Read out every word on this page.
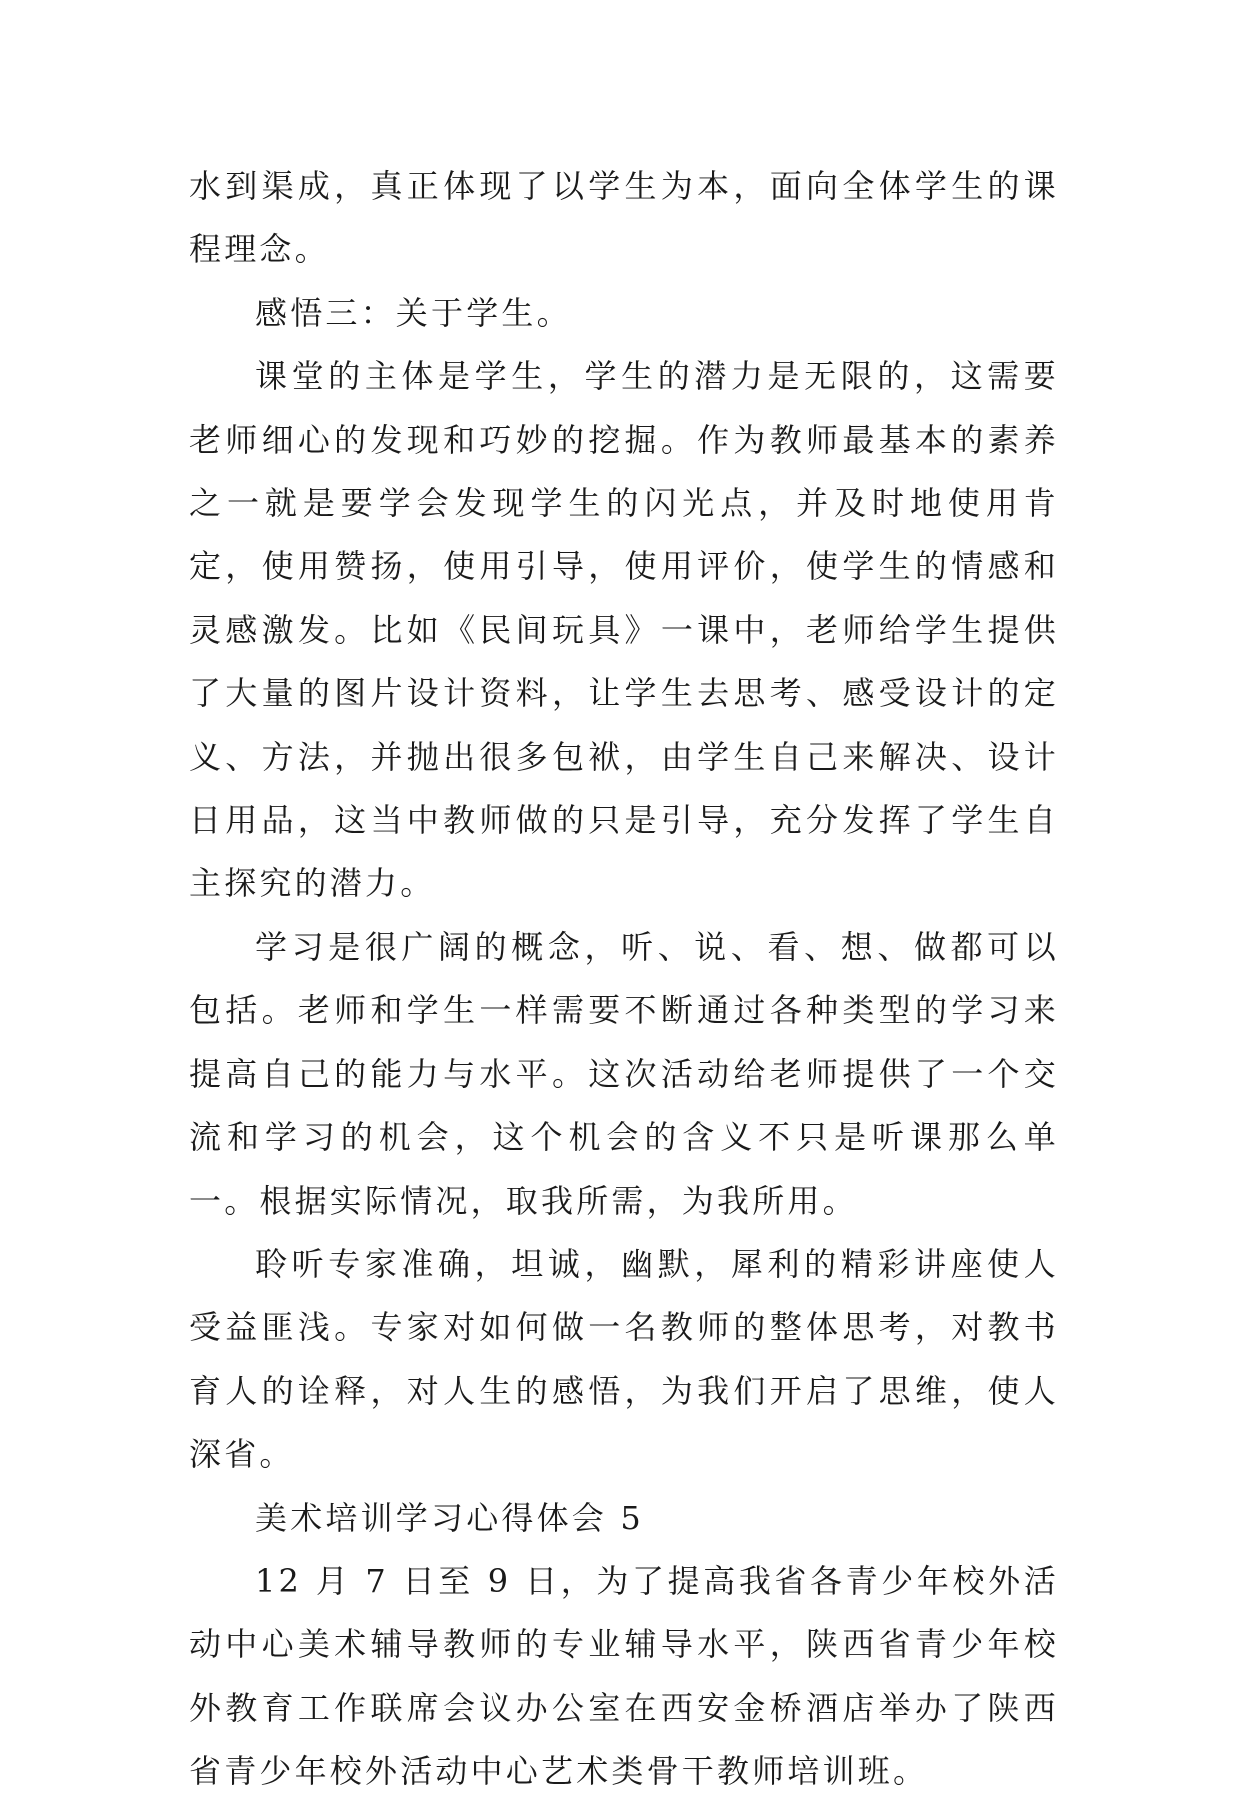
水到渠成，真正体现了以学生为本，面向全体学生的课程理念。

感悟三：关于学生。

课堂的主体是学生，学生的潜力是无限的，这需要老师细心的发现和巧妙的挖掘。作为教师最基本的素养之一就是要学会发现学生的闪光点，并及时地使用肯定，使用赞扬，使用引导，使用评价，使学生的情感和灵感激发。比如《民间玩具》一课中，老师给学生提供了大量的图片设计资料，让学生去思考、感受设计的定义、方法，并抛出很多包袱，由学生自己来解决、设计日用品，这当中教师做的只是引导，充分发挥了学生自主探究的潜力。

学习是很广阔的概念，听、说、看、想、做都可以包括。老师和学生一样需要不断通过各种类型的学习来提高自己的能力与水平。这次活动给老师提供了一个交流和学习的机会，这个机会的含义不只是听课那么单一。根据实际情况，取我所需，为我所用。

聆听专家准确，坦诚，幽默，犀利的精彩讲座使人受益匪浅。专家对如何做一名教师的整体思考，对教书育人的诠释，对人生的感悟，为我们开启了思维，使人深省。

美术培训学习心得体会 5

12 月 7 日至 9 日，为了提高我省各青少年校外活动中心美术辅导教师的专业辅导水平，陕西省青少年校外教育工作联席会议办公室在西安金桥酒店举办了陕西省青少年校外活动中心艺术类骨干教师培训班。
